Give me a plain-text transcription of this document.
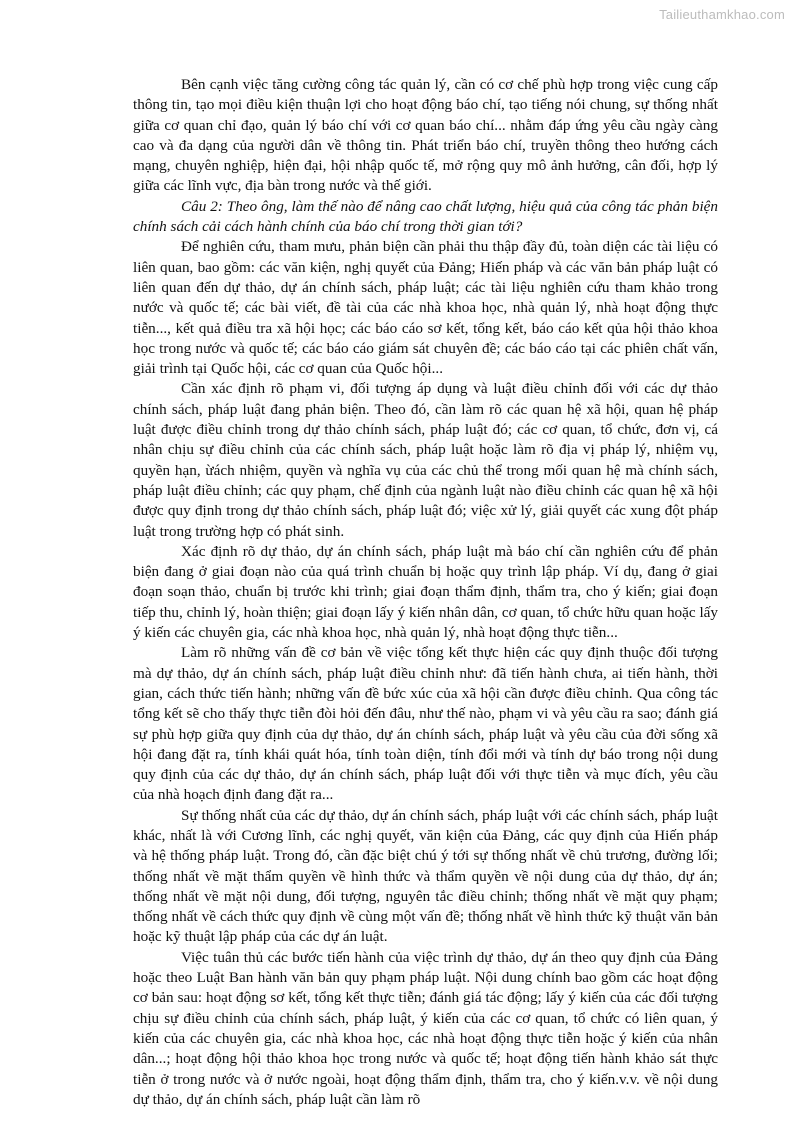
Tailieuthamkhao.com

Bên cạnh việc tăng cường công tác quản lý, cần có cơ chế phù hợp trong việc cung cấp thông tin, tạo mọi điều kiện thuận lợi cho hoạt động báo chí, tạo tiếng nói chung, sự thống nhất giữa cơ quan chỉ đạo, quản lý báo chí với cơ quan báo chí... nhằm đáp ứng yêu cầu ngày càng cao và đa dạng của người dân về thông tin. Phát triển báo chí, truyền thông theo hướng cách mạng, chuyên nghiệp, hiện đại, hội nhập quốc tế, mở rộng quy mô ảnh hưởng, cân đối, hợp lý giữa các lĩnh vực, địa bàn trong nước và thế giới.

Câu 2: Theo ông, làm thế nào để nâng cao chất lượng, hiệu quả của công tác phản biện chính sách cải cách hành chính của báo chí trong thời gian tới?

Để nghiên cứu, tham mưu, phản biện cần phải thu thập đầy đủ, toàn diện các tài liệu có liên quan, bao gồm: các văn kiện, nghị quyết của Đảng; Hiến pháp và các văn bản pháp luật có liên quan đến dự thảo, dự án chính sách, pháp luật; các tài liệu nghiên cứu tham khảo trong nước và quốc tế; các bài viết, đề tài của các nhà khoa học, nhà quản lý, nhà hoạt động thực tiễn..., kết quả điều tra xã hội học; các báo cáo sơ kết, tổng kết, báo cáo kết qủa hội thảo khoa học trong nước và quốc tế; các báo cáo giám sát chuyên đề; các báo cáo tại các phiên chất vấn, giải trình tại Quốc hội, các cơ quan của Quốc hội...

Cần xác định rõ phạm vi, đối tượng áp dụng và luật điều chỉnh đối với các dự thảo chính sách, pháp luật đang phản biện. Theo đó, cần làm rõ các quan hệ xã hội, quan hệ pháp luật được điều chỉnh trong dự thảo chính sách, pháp luật đó; các cơ quan, tổ chức, đơn vị, cá nhân chịu sự điều chỉnh của các chính sách, pháp luật hoặc làm rõ địa vị pháp lý, nhiệm vụ, quyền hạn, ừách nhiệm, quyền và nghĩa vụ của các chủ thể trong mối quan hệ mà chính sách, pháp luật điều chỉnh; các quy phạm, chế định của ngành luật nào điều chỉnh các quan hệ xã hội được quy định trong dự thảo chính sách, pháp luật đó; việc xử lý, giải quyết các xung đột pháp luật trong trường hợp có phát sinh.

Xác định rõ dự thảo, dự án chính sách, pháp luật mà báo chí cần nghiên cứu để phản biện đang ở giai đoạn nào của quá trình chuẩn bị hoặc quy trình lập pháp. Ví dụ, đang ở giai đoạn soạn thảo, chuẩn bị trước khi trình; giai đoạn thẩm định, thẩm tra, cho ý kiến; giai đoạn tiếp thu, chỉnh lý, hoàn thiện; giai đoạn lấy ý kiến nhân dân, cơ quan, tổ chức hữu quan hoặc lấy ý kiến các chuyên gia, các nhà khoa học, nhà quản lý, nhà hoạt động thực tiễn...

Làm rõ những vấn đề cơ bản về việc tổng kết thực hiện các quy định thuộc đối tượng mà dự thảo, dự án chính sách, pháp luật điều chỉnh như: đã tiến hành chưa, ai tiến hành, thời gian, cách thức tiến hành; những vấn đề bức xúc của xã hội cần được điều chỉnh. Qua công tác tổng kết sẽ cho thấy thực tiễn đòi hỏi đến đâu, như thế nào, phạm vi và yêu cầu ra sao; đánh giá sự phù hợp giữa quy định của dự thảo, dự án chính sách, pháp luật và yêu cầu của đời sống xã hội đang đặt ra, tính khái quát hóa, tính toàn diện, tính đổi mới và tính dự báo trong nội dung quy định của các dự thảo, dự án chính sách, pháp luật đối với thực tiễn và mục đích, yêu cầu của nhà hoạch định đang đặt ra...

Sự thống nhất của các dự thảo, dự án chính sách, pháp luật với các chính sách, pháp luật khác, nhất là với Cương lĩnh, các nghị quyết, văn kiện của Đảng, các quy định của Hiến pháp và hệ thống pháp luật. Trong đó, cần đặc biệt chú ý tới sự thống nhất về chủ trương, đường lối; thống nhất về mặt thẩm quyền về hình thức và thẩm quyền về nội dung của dự thảo, dự án; thống nhất về mặt nội dung, đối tượng, nguyên tắc điều chỉnh; thống nhất về mặt quy phạm; thống nhất về cách thức quy định về cùng một vấn đề; thống nhất về hình thức kỹ thuật văn bản hoặc kỹ thuật lập pháp của các dự án luật.

Việc tuân thủ các bước tiến hành của việc trình dự thảo, dự án theo quy định của Đảng hoặc theo Luật Ban hành văn bản quy phạm pháp luật. Nội dung chính bao gồm các hoạt động cơ bản sau: hoạt động sơ kết, tổng kết thực tiễn; đánh giá tác động; lấy ý kiến của các đối tượng chịu sự điều chỉnh của chính sách, pháp luật, ý kiến của các cơ quan, tổ chức có liên quan, ý kiến của các chuyên gia, các nhà khoa học, các nhà hoạt động thực tiễn hoặc ý kiến của nhân dân...; hoạt động hội thảo khoa học trong nước và quốc tế; hoạt động tiến hành khảo sát thực tiễn ở trong nước và ở nước ngoài, hoạt động thẩm định, thẩm tra, cho ý kiến.v.v. về nội dung dự thảo, dự án chính sách, pháp luật cần làm rõ
